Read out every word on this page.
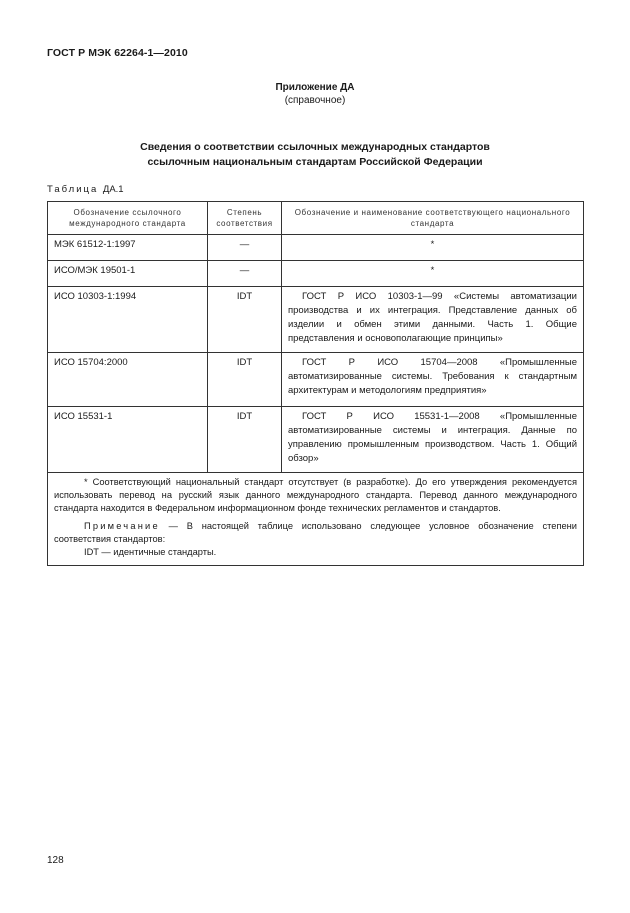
ГОСТ Р МЭК 62264-1—2010
Приложение ДА
(справочное)
Сведения о соответствии ссылочных международных стандартов
ссылочным национальным стандартам Российской Федерации
Таблица ДА.1
Обозначение ссылочного международного стандарта	Степень соответствия	Обозначение и наименование соответствующего национального стандарта
МЭК 61512-1:1997	—	*
ИСО/МЭК 19501-1	—	*
ИСО 10303-1:1994	IDT	ГОСТ Р ИСО 10303-1—99 «Системы автоматизации производства и их интеграция. Представление данных об изделии и обмен этими данными. Часть 1. Общие представления и основополагающие принципы»
ИСО 15704:2000	IDT	ГОСТ Р ИСО 15704—2008 «Промышленные автоматизированные системы. Требования к стандартным архитектурам и методологиям предприятия»
ИСО 15531-1	IDT	ГОСТ Р ИСО 15531-1—2008 «Промышленные автоматизированные системы и интеграция. Данные по управлению промышленным производством. Часть 1. Общий обзор»

* Соответствующий национальный стандарт отсутствует (в разработке). До его утверждения рекомендуется использовать перевод на русский язык данного международного стандарта. Перевод данного международного стандарта находится в Федеральном информационном фонде технических регламентов и стандартов.

Примечание — В настоящей таблице использовано следующее условное обозначение степени соответствия стандартов:

IDT — идентичные стандарты.		

128
